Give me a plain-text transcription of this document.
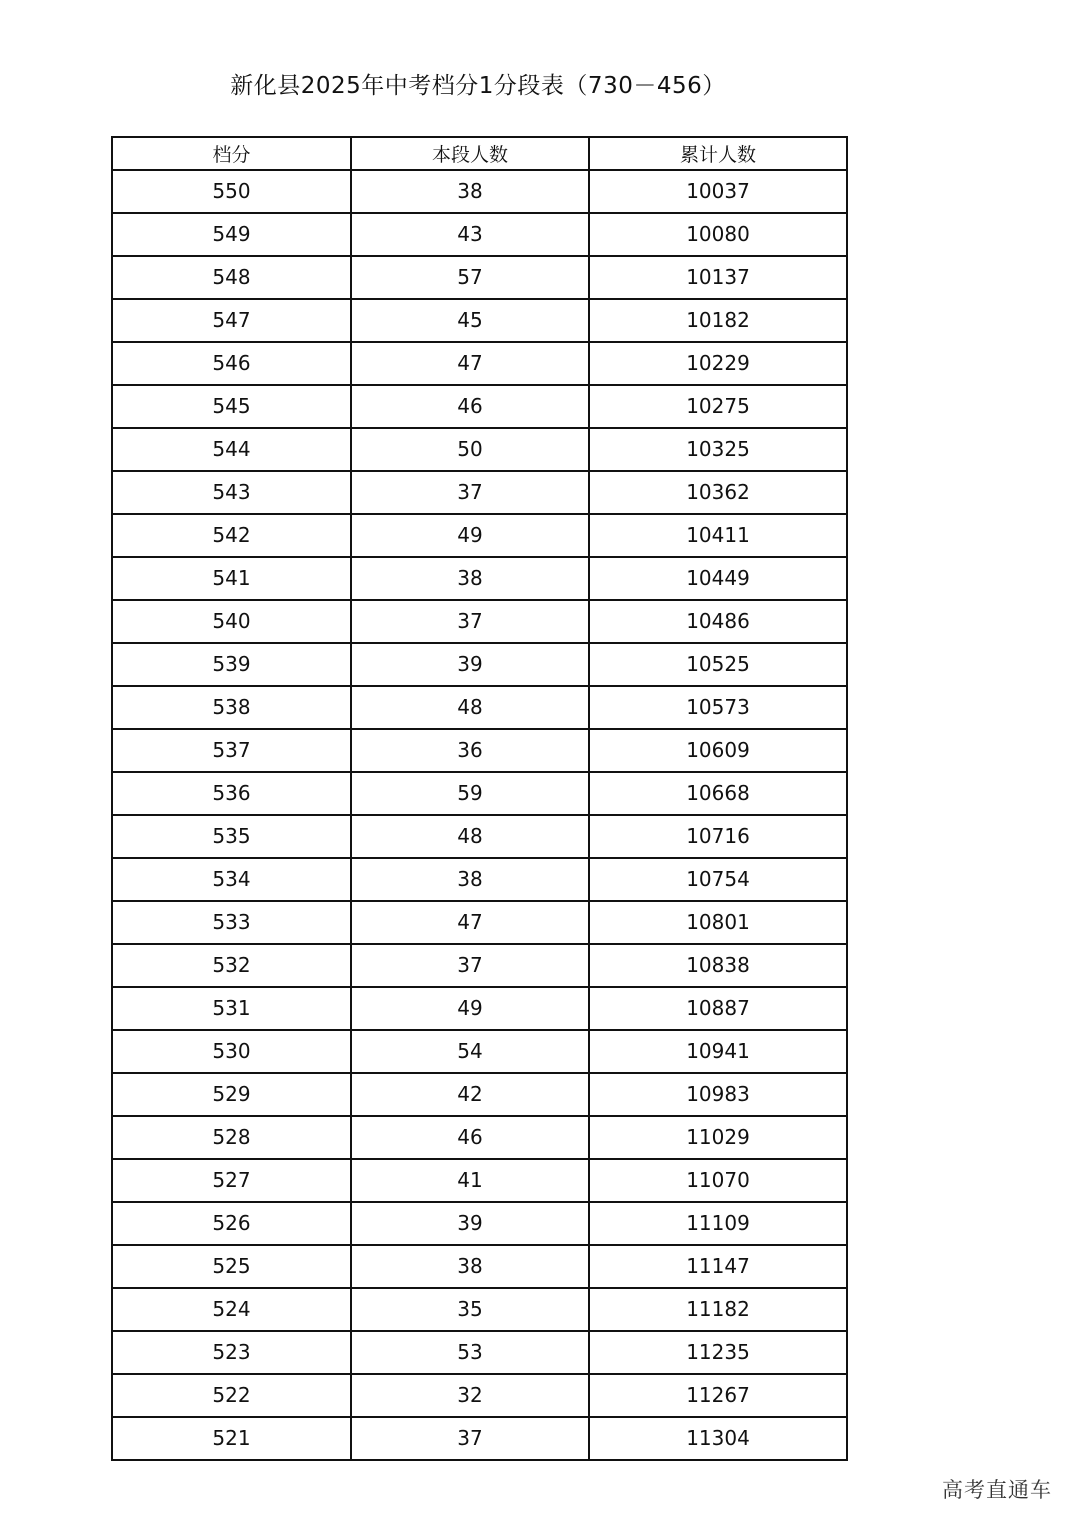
新化县2025年中考档分1分段表（730－456）
档分	本段人数	累计人数
550	38	10037
549	43	10080
548	57	10137
547	45	10182
546	47	10229
545	46	10275
544	50	10325
543	37	10362
542	49	10411
541	38	10449
540	37	10486
539	39	10525
538	48	10573
537	36	10609
536	59	10668
535	48	10716
534	38	10754
533	47	10801
532	37	10838
531	49	10887
530	54	10941
529	42	10983
528	46	11029
527	41	11070
526	39	11109
525	38	11147
524	35	11182
523	53	11235
522	32	11267
521	37	11304
高考直通车
